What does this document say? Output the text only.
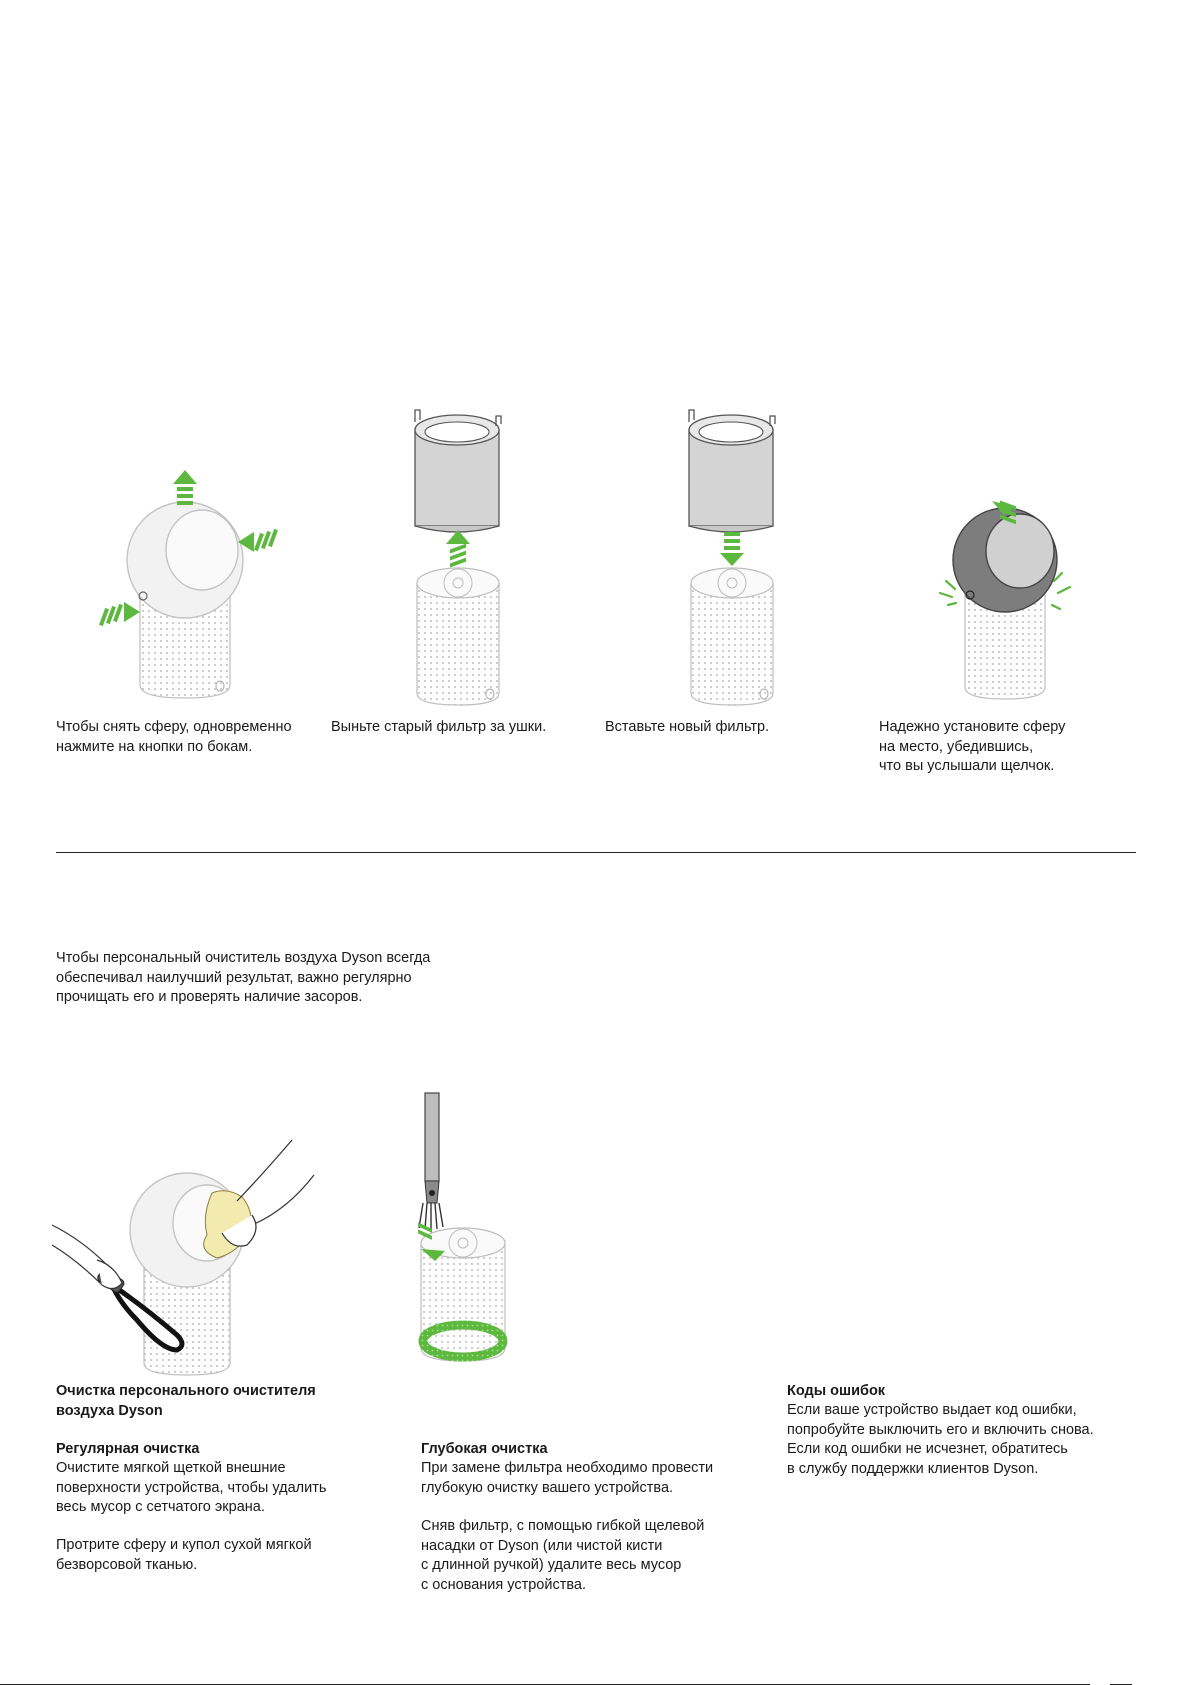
Чтобы снять сферу, одновременно
нажмите на кнопки по бокам.
Выньте старый фильтр за ушки.	Вставьте новый фильтр.	Надежно установите сферу
на место, убедившись,
что вы услышали щелчок.
Чтобы персональный очиститель воздуха Dyson всегда
обеспечивал наилучший результат, важно регулярно
прочищать его и проверять наличие засоров.
Очистка персонального очистителя
воздуха Dyson
Регулярная очистка
Очистите мягкой щеткой внешние
поверхности устройства, чтобы удалить
весь мусор с сетчатого экрана.
Протрите сферу и купол сухой мягкой
безворсовой тканью.
Глубокая очистка
При замене фильтра необходимо провести
глубокую очистку вашего устройства.
Сняв фильтр, с помощью гибкой щелевой
насадки от Dyson (или чистой кисти
с длинной ручкой) удалите весь мусор
с основания устройства.
Коды ошибок
Если ваше устройство выдает код ошибки,
попробуйте выключить его и включить снова.
Если код ошибки не исчезнет, обратитесь
в службу поддержки клиентов Dyson.
